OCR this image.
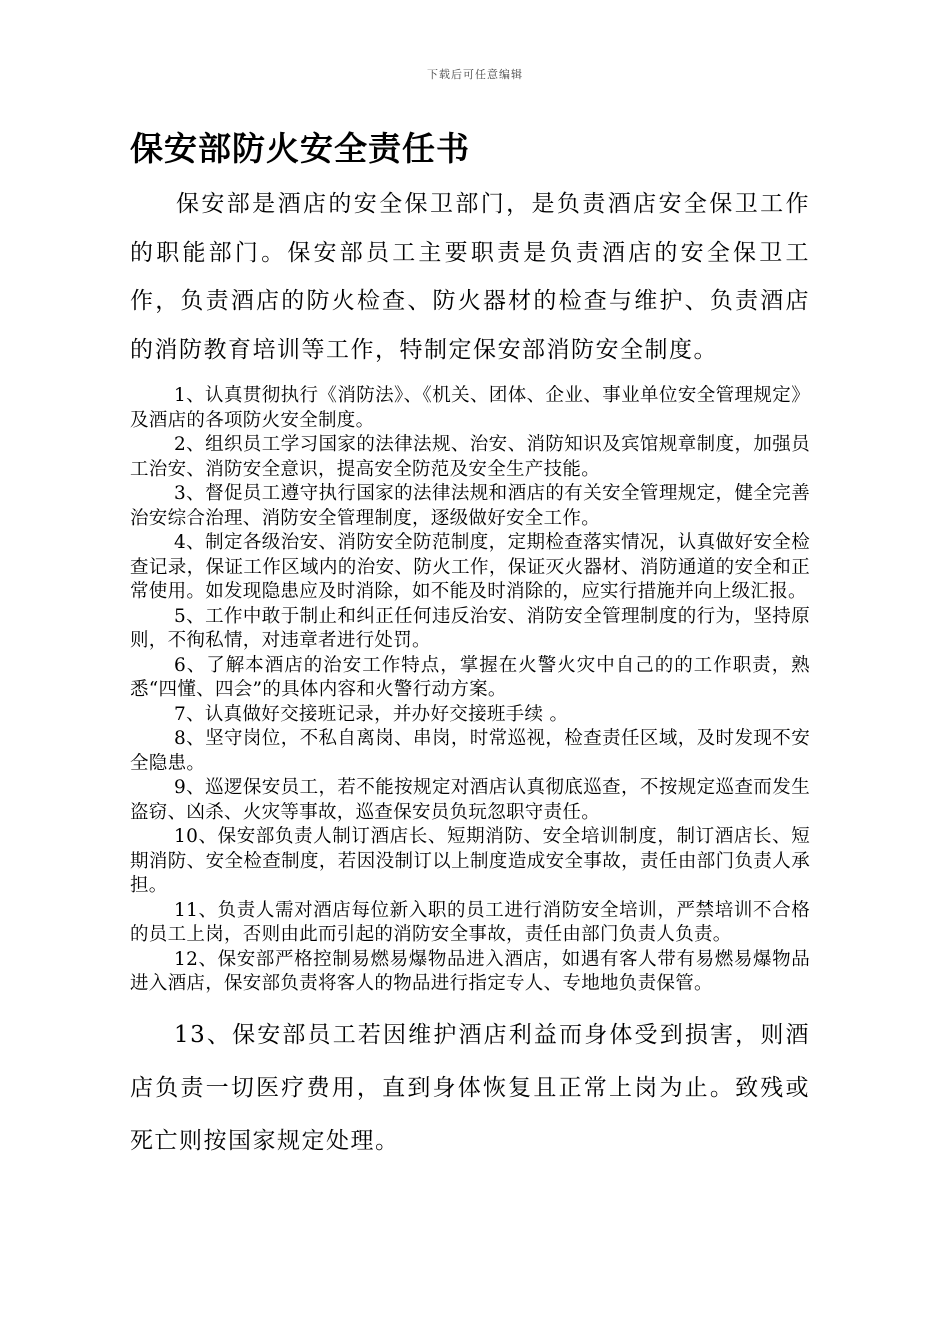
下载后可任意编辑
保安部防火安全责任书

保安部是酒店的安全保卫部门，是负责酒店安全保卫工作的职能部门。保安部员工主要职责是负责酒店的安全保卫工作，负责酒店的防火检查、防火器材的检查与维护、负责酒店的消防教育培训等工作，特制定保安部消防安全制度。

1、认真贯彻执行《消防法》、《机关、团体、企业、事业单位安全管理规定》及酒店的各项防火安全制度。
2、组织员工学习国家的法律法规、治安、消防知识及宾馆规章制度，加强员工治安、消防安全意识，提高安全防范及安全生产技能。
3、督促员工遵守执行国家的法律法规和酒店的有关安全管理规定，健全完善治安综合治理、消防安全管理制度，逐级做好安全工作。
4、制定各级治安、消防安全防范制度，定期检查落实情况，认真做好安全检查记录，保证工作区域内的治安、防火工作，保证灭火器材、消防通道的安全和正常使用。如发现隐患应及时消除，如不能及时消除的，应实行措施并向上级汇报。
5、工作中敢于制止和纠正任何违反治安、消防安全管理制度的行为，坚持原则，不徇私情，对违章者进行处罚。
6、了解本酒店的治安工作特点，掌握在火警火灾中自己的的工作职责，熟悉“四懂、四会”的具体内容和火警行动方案。
7、认真做好交接班记录，并办好交接班手续 。
8、坚守岗位，不私自离岗、串岗，时常巡视，检查责任区域，及时发现不安全隐患。
9、巡逻保安员工，若不能按规定对酒店认真彻底巡查，不按规定巡查而发生盗窃、凶杀、火灾等事故，巡查保安员负玩忽职守责任。
10、保安部负责人制订酒店长、短期消防、安全培训制度，制订酒店长、短期消防、安全检查制度，若因没制订以上制度造成安全事故，责任由部门负责人承担。
11、负责人需对酒店每位新入职的员工进行消防安全培训，严禁培训不合格的员工上岗，否则由此而引起的消防安全事故，责任由部门负责人负责。
12、保安部严格控制易燃易爆物品进入酒店，如遇有客人带有易燃易爆物品进入酒店，保安部负责将客人的物品进行指定专人、专地地负责保管。

13、保安部员工若因维护酒店利益而身体受到损害，则酒店负责一切医疗费用，直到身体恢复且正常上岗为止。致残或死亡则按国家规定处理。
